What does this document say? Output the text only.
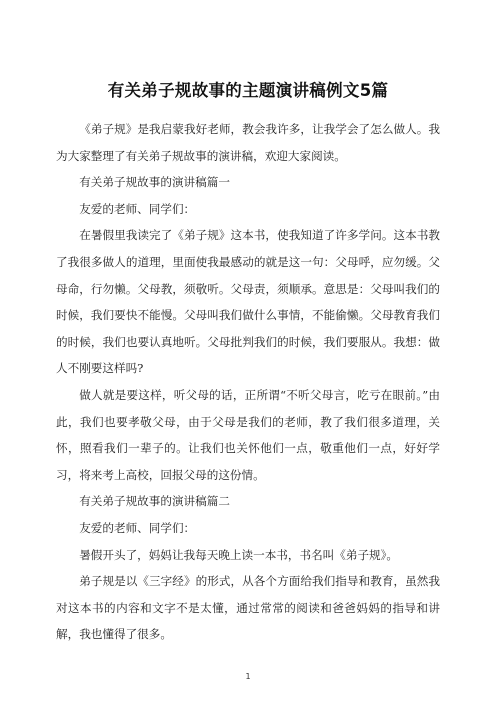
有关弟子规故事的主题演讲稿例文5篇

《弟子规》是我启蒙我好老师，教会我许多，让我学会了怎么做人。我为大家整理了有关弟子规故事的演讲稿，欢迎大家阅读。

有关弟子规故事的演讲稿篇一

友爱的老师、同学们：

在暑假里我读完了《弟子规》这本书，使我知道了许多学问。这本书教了我很多做人的道理，里面使我最感动的就是这一句：父母呼，应勿缓。父母命，行勿懒。父母教，须敬听。父母责，须顺承。意思是：父母叫我们的时候，我们要快不能慢。父母叫我们做什么事情，不能偷懒。父母教育我们的时候，我们也要认真地听。父母批判我们的时候，我们要服从。我想：做人不刚要这样吗?

做人就是要这样，听父母的话，正所谓“不听父母言，吃亏在眼前。”由此，我们也要孝敬父母，由于父母是我们的老师，教了我们很多道理，关怀，照看我们一辈子的。让我们也关怀他们一点，敬重他们一点，好好学习，将来考上高校，回报父母的这份情。

有关弟子规故事的演讲稿篇二

友爱的老师、同学们：

暑假开头了，妈妈让我每天晚上读一本书，书名叫《弟子规》。

弟子规是以《三字经》的形式，从各个方面给我们指导和教育，虽然我对这本书的内容和文字不是太懂，通过常常的阅读和爸爸妈妈的指导和讲解，我也懂得了很多。

1
